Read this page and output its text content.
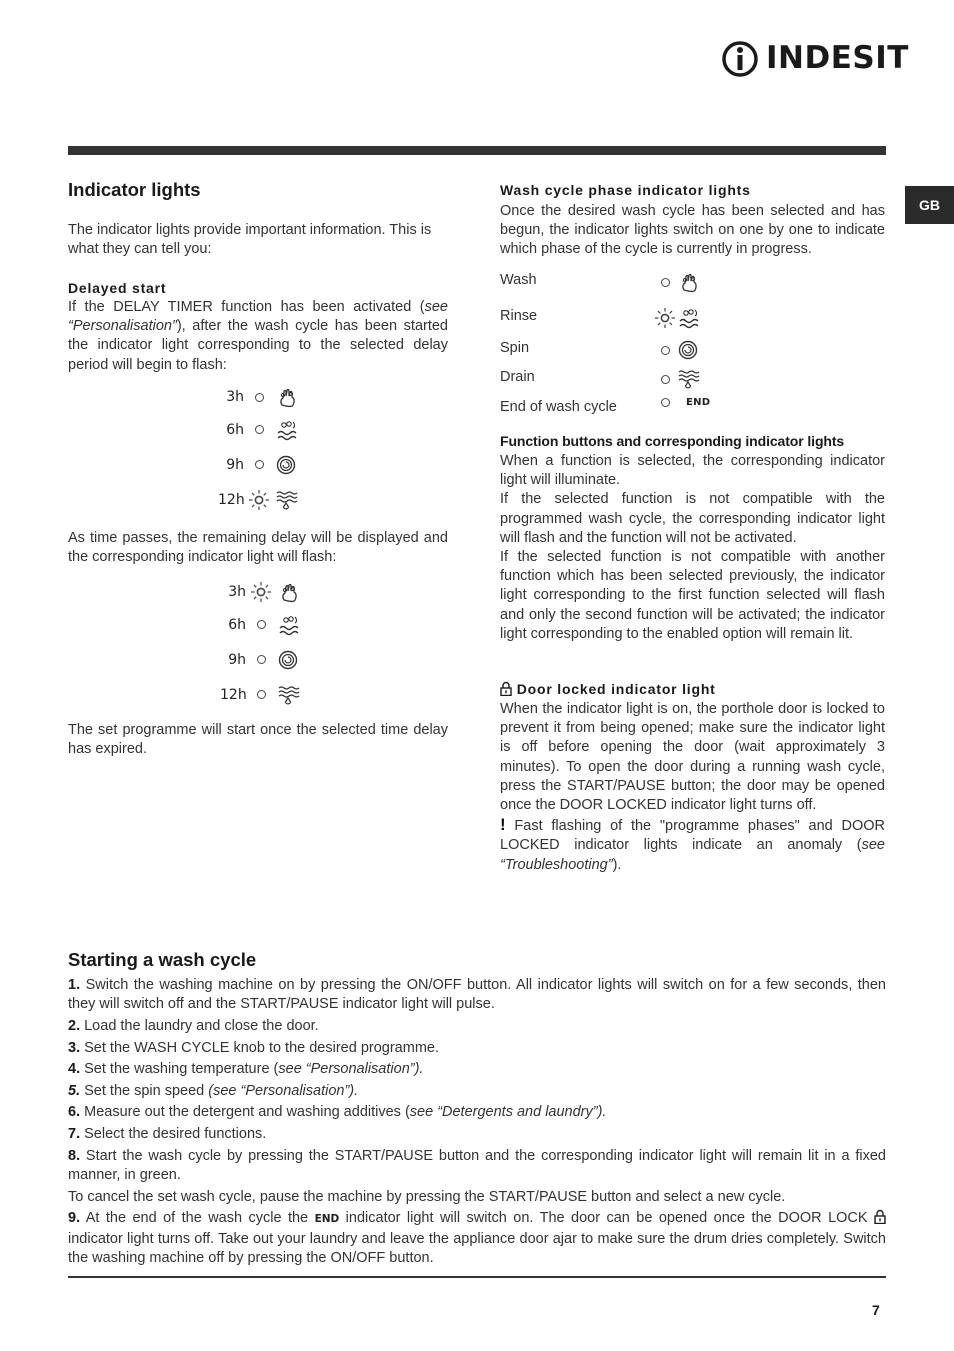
INDESIT
GB
Indicator lights
The indicator lights provide important information. This is what they can tell you:
Delayed start
If the DELAY TIMER function has been activated (see “Personalisation”), after the wash cycle has been started the indicator light corresponding to the selected delay period will begin to flash:
3h
6h
9h
12h
As time passes, the remaining delay will be displayed and the corresponding indicator light will flash:
3h
6h
9h
12h
The set programme will start once the selected time delay has expired.
Wash cycle phase indicator lights
Once the desired wash cycle has been selected and has begun, the indicator lights switch on one by one to indicate which phase of the cycle is currently in progress.
Wash
Rinse
Spin
Drain
End of wash cycle	END
Function buttons and corresponding indicator lights
When a function is selected, the corresponding indicator light will illuminate.
If the selected function is not compatible with the programmed wash cycle, the corresponding indicator light will flash and the function will not be activated.
If the selected function is not compatible with another function which has been selected previously, the indicator light corresponding to the first function selected will flash and only the second function will be activated; the indicator light corresponding to the enabled option will remain lit.
Door locked indicator light
When the indicator light is on, the porthole door is locked to prevent it from being opened; make sure the indicator light is off before opening the door (wait approximately 3 minutes). To open the door during a running wash cycle, press the START/PAUSE button; the door may be opened once the DOOR LOCKED indicator light turns off.
! Fast flashing of the "programme phases" and DOOR LOCKED indicator lights indicate an anomaly (see “Troubleshooting”).
Starting a wash cycle
1. Switch the washing machine on by pressing the ON/OFF button. All indicator lights will switch on for a few seconds, then they will switch off and the START/PAUSE indicator light will pulse.
2. Load the laundry and close the door.
3. Set the WASH CYCLE knob to the desired programme.
4. Set the washing temperature (see “Personalisation”).
5. Set the spin speed (see “Personalisation”).
6. Measure out the detergent and washing additives (see “Detergents and laundry”).
7. Select the desired functions.
8. Start the wash cycle by pressing the START/PAUSE button and the corresponding indicator light will remain lit in a fixed manner, in green.
To cancel the set wash cycle, pause the machine by pressing the START/PAUSE button and select a new cycle.
9. At the end of the wash cycle the END indicator light will switch on. The door can be opened once the DOOR LOCK  indicator light turns off. Take out your laundry and leave the appliance door ajar to make sure the drum dries completely. Switch the washing machine off by pressing the ON/OFF button.
7
